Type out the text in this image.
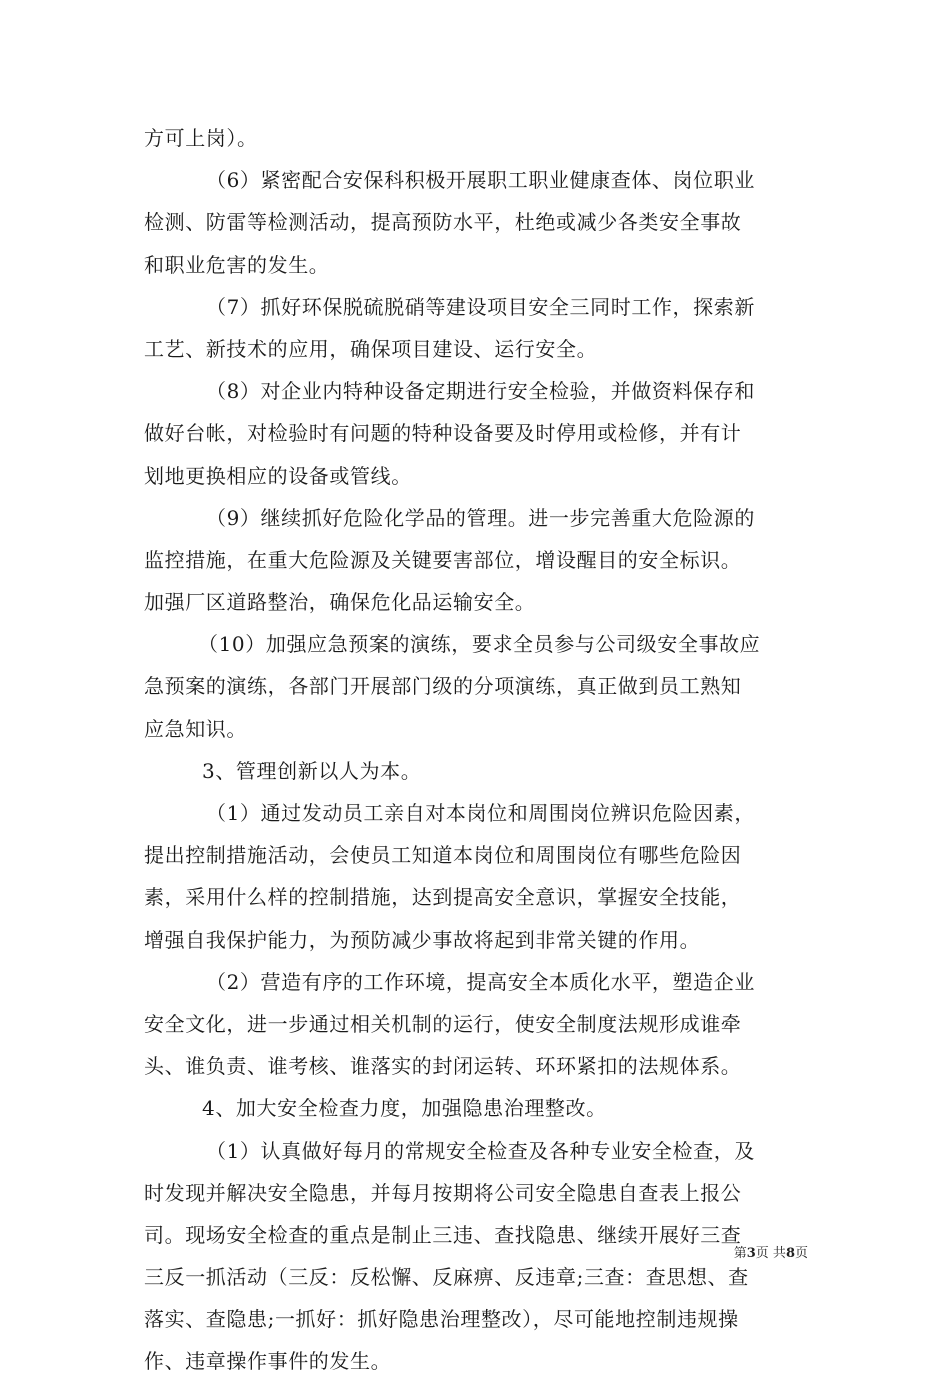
方可上岗）。
（6）紧密配合安保科积极开展职工职业健康查体、岗位职业
检测、防雷等检测活动，提高预防水平，杜绝或减少各类安全事故
和职业危害的发生。
（7）抓好环保脱硫脱硝等建设项目安全三同时工作，探索新
工艺、新技术的应用，确保项目建设、运行安全。
（8）对企业内特种设备定期进行安全检验，并做资料保存和
做好台帐，对检验时有问题的特种设备要及时停用或检修，并有计
划地更换相应的设备或管线。
（9）继续抓好危险化学品的管理。进一步完善重大危险源的
监控措施，在重大危险源及关键要害部位，增设醒目的安全标识。
加强厂区道路整治，确保危化品运输安全。
（10）加强应急预案的演练，要求全员参与公司级安全事故应
急预案的演练，各部门开展部门级的分项演练，真正做到员工熟知
应急知识。
3、管理创新以人为本。
（1）通过发动员工亲自对本岗位和周围岗位辨识危险因素，
提出控制措施活动，会使员工知道本岗位和周围岗位有哪些危险因
素，采用什么样的控制措施，达到提高安全意识，掌握安全技能，
增强自我保护能力，为预防减少事故将起到非常关键的作用。
（2）营造有序的工作环境，提高安全本质化水平，塑造企业
安全文化，进一步通过相关机制的运行，使安全制度法规形成谁牵
头、谁负责、谁考核、谁落实的封闭运转、环环紧扣的法规体系。
4、加大安全检查力度，加强隐患治理整改。
（1）认真做好每月的常规安全检查及各种专业安全检查，及
时发现并解决安全隐患，并每月按期将公司安全隐患自查表上报公
司。现场安全检查的重点是制止三违、查找隐患、继续开展好三查
三反一抓活动（三反：反松懈、反麻痹、反违章;三查：查思想、查
落实、查隐患;一抓好：抓好隐患治理整改），尽可能地控制违规操
作、违章操作事件的发生。
第3页 共8页
